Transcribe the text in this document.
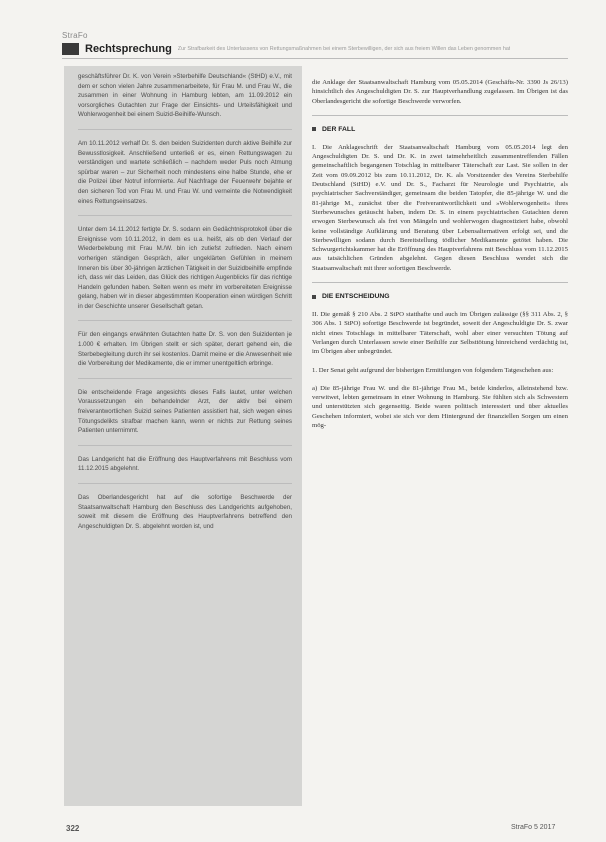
StraFo
Rechtsprechung Zur Strafbarkeit des Unterlassens von Rettungsmaßnahmen bei einem Sterbewilligen, der sich aus freiem Willen das Leben genommen hat

geschäftsführer Dr. K. von Verein »Sterbehilfe Deutschland« (StHD) e.V., mit dem er schon vielen Jahre zusammenarbeitete, für Frau M. und Frau W., die zusammen in einer Wohnung in Hamburg lebten, am 11.09.2012 ein vorsorgliches Gutachten zur Frage der Einsichts- und Urteilsfähigkeit und Wohlerwogenheit bei einem Suizid-Beihilfe-Wunsch.

Am 10.11.2012 verhalf Dr. S. den beiden Suizidenten durch aktive Beihilfe zur Bewusstlosigkeit. Anschließend unterließ er es, einen Rettungswagen zu verständigen und wartete schließlich – nachdem weder Puls noch Atmung spürbar waren – zur Sicherheit noch mindestens eine halbe Stunde, ehe er die Polizei über Notruf informierte. Auf Nachfrage der Feuerwehr bejahte er den sicheren Tod von Frau M. und Frau W. und verneinte die Notwendigkeit eines Rettungseinsatzes.

Unter dem 14.11.2012 fertigte Dr. S. sodann ein Gedächtnisprotokoll über die Ereignisse vom 10.11.2012, in dem es u.a. heißt, als ob den Verlauf der Wiederbelebung mit Frau M./W. bin ich zutiefst zufrieden. Nach einem vorherigen ständigen Gespräch, aller ungeklärten Gefühlen in meinem Inneren bis über 30-jährigen ärztlichen Tätigkeit in der Suizidbeihilfe empfinde ich, dass wir das Leiden, das Glück des richtigen Augenblicks für das richtige Handeln gefunden haben. Selten wenn es mehr im vorbereiteten Ereignisse gelang, haben wir in dieser abgestimmten Kooperation einen würdigen Schritt in der Geschichte unserer Gesellschaft getan.

Für den eingangs erwähnten Gutachten hatte Dr. S. von den Suizidenten je 1.000 € erhalten. Im Übrigen stellt er sich später, derart gehend ein, die Sterbebegleitung durch ihr sei kostenlos. Damit meine er die Anwesenheit wie die Vorbereitung der Medikamente, die er immer unentgeltlich erbringe.

Die entscheidende Frage angesichts dieses Falls lautet, unter welchen Voraussetzungen ein behandelnder Arzt, der aktiv bei einem freiverantwortlichen Suizid seines Patienten assistiert hat, sich wegen eines Tötungsdelikts strafbar machen kann, wenn er nichts zur Rettung seines Patienten unternimmt.

Das Landgericht hat die Eröffnung des Hauptverfahrens mit Beschluss vom 11.12.2015 abgelehnt.

Das Oberlandesgericht hat auf die sofortige Beschwerde der Staatsanwaltschaft Hamburg den Beschluss des Landgerichts aufgehoben, soweit mit diesem die Eröffnung des Hauptverfahrens betreffend den Angeschuldigten Dr. S. abgelehnt worden ist, und

die Anklage der Staatsanwaltschaft Hamburg vom 05.05.2014 (Geschäfts-Nr. 3390 Js 26/13) hinsichtlich des Angeschuldigten Dr. S. zur Hauptverhandlung zugelassen. Im Übrigen ist das Oberlandesgericht die sofortige Beschwerde verworfen.

DER FALL

I. Die Anklageschrift der Staatsanwaltschaft Hamburg vom 05.05.2014 legt den Angeschuldigten Dr. S. und Dr. K. in zwei tatmehrheitlich zusammentreffenden Fällen gemeinschaftlich begangenen Totschlag in mittelbarer Täterschaft zur Last. Sie sollen in der Zeit vom 09.09.2012 bis zum 10.11.2012, Dr. K. als Vorsitzender des Vereins Sterbehilfe Deutschland (StHD) e.V. und Dr. S., Facharzt für Neurologie und Psychiatrie, als psychiatrischer Sachverständiger, gemeinsam die beiden Tatopfer, die 85-jährige W. und die 81-jährige M., zunächst über die Freiverantwortlichkeit und »Wohlerwogenheit« ihres Sterbewunsches getäuscht haben, indem Dr. S. in einem psychiatrischen Gutachten deren erwogen Sterbewunsch als frei von Mängeln und wohlerwogen diagnostiziert habe, obwohl keine vollständige Aufklärung und Beratung über Lebensalternativen erfolgt sei, und die Sterbewilligen sodann durch Bereitstellung tödlicher Medikamente getötet haben. Die Schwurgerichtskammer hat die Eröffnung des Hauptverfahrens mit Beschluss vom 11.12.2015 aus tatsächlichen Gründen abgelehnt. Gegen diesen Beschluss wendet sich die Staatsanwaltschaft mit ihrer sofortigen Beschwerde.

DIE ENTSCHEIDUNG

II. Die gemäß § 210 Abs. 2 StPO statthafte und auch im Übrigen zulässige (§§ 311 Abs. 2, § 306 Abs. 1 StPO) sofortige Beschwerde ist begründet, soweit der Angeschuldigte Dr. S. zwar nicht eines Totschlags in mittelbarer Täterschaft, wohl aber einer versuchten Tötung auf Verlangen durch Unterlassen sowie einer Beihilfe zur Selbsttötung hinreichend verdächtig ist, im Übrigen aber unbegründet.

1. Der Senat geht aufgrund der bisherigen Ermittlungen von folgendem Tatgeschehen aus:

a) Die 85-jährige Frau W. und die 81-jährige Frau M., beide kinderlos, alleinstehend bzw. verwitwet, lebten gemeinsam in einer Wohnung in Hamburg. Sie fühlten sich als Schwestern und unterstützten sich gegenseitig. Beide waren politisch interessiert und über aktuelles Geschehen informiert, wobei sie sich vor dem Hintergrund der finanziellen Sorgen um einen mög-

322	StraFo 5 2017
